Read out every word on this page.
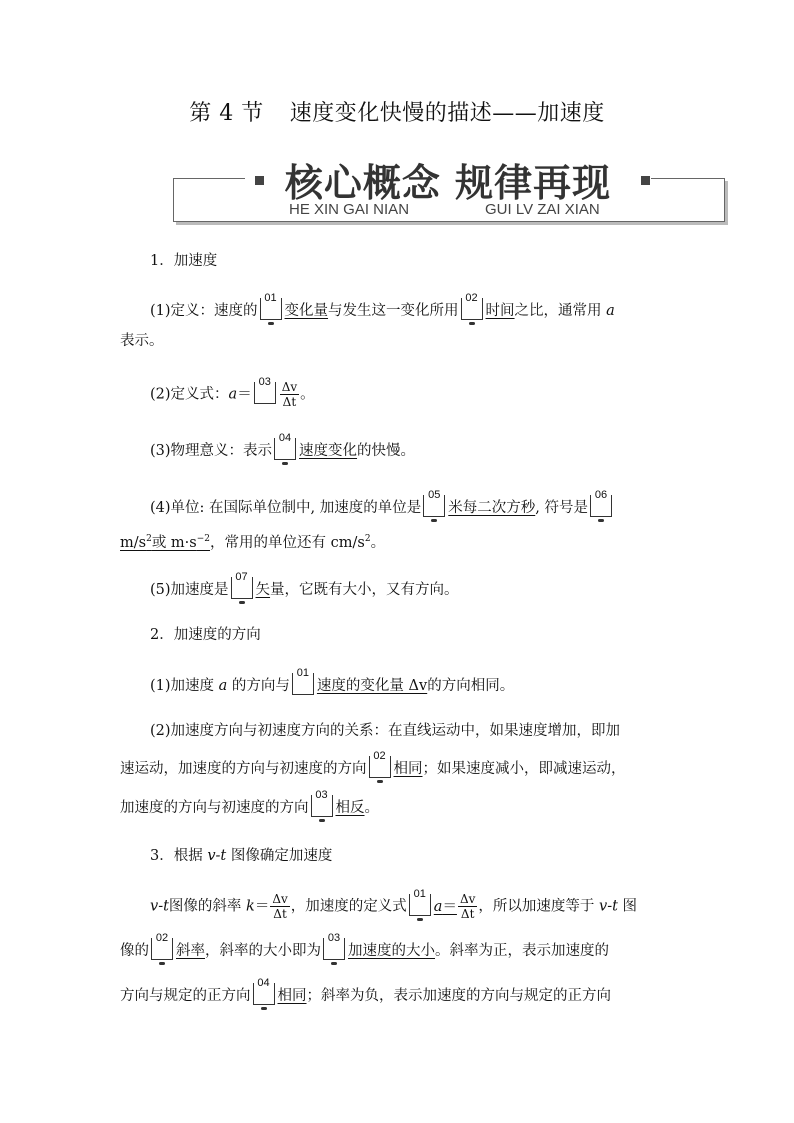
第 4 节 速度变化快慢的描述——加速度
核心概念 规律再现
HE XIN GAI NIAN	GUI LV ZAI XIAN
1．加速度
(1)定义：速度的
01
变化量与发生这一变化所用
02
时间之比，通常用 a
表示。
(2)定义式：a＝
$03 \frac{\Delta v}{\Delta t}$ 。
(3)物理意义：表示
04
速度变化的快慢。
(4)单位: 在国际单位制中, 加速度的单位是
05
米每二次方秒, 符号是
06
$m/s^2$或 $m\cdot s^{-2}$，常用的单位还有 $cm/s^2$。
(5)加速度是
07
矢量，它既有大小，又有方向。
2．加速度的方向
(1)加速度 a 的方向与
01
速度的变化量 Δv的方向相同。
(2)加速度方向与初速度方向的关系：在直线运动中，如果速度增加，即加
速运动，加速度的方向与初速度的方向
02
相同；如果速度减小，即减速运动，
加速度的方向与初速度的方向
03
相反。
3．根据 v-t 图像确定加速度
v-t图像的斜率 $k= \frac{\Delta v}{\Delta t}$ ，加速度的定义式
01
$a= \frac{\Delta v}{\Delta t}$ ，所以加速度等于 v-t 图
像的
02
斜率，斜率的大小即为
03
加速度的大小。斜率为正，表示加速度的
方向与规定的正方向
04
相同；斜率为负，表示加速度的方向与规定的正方向
